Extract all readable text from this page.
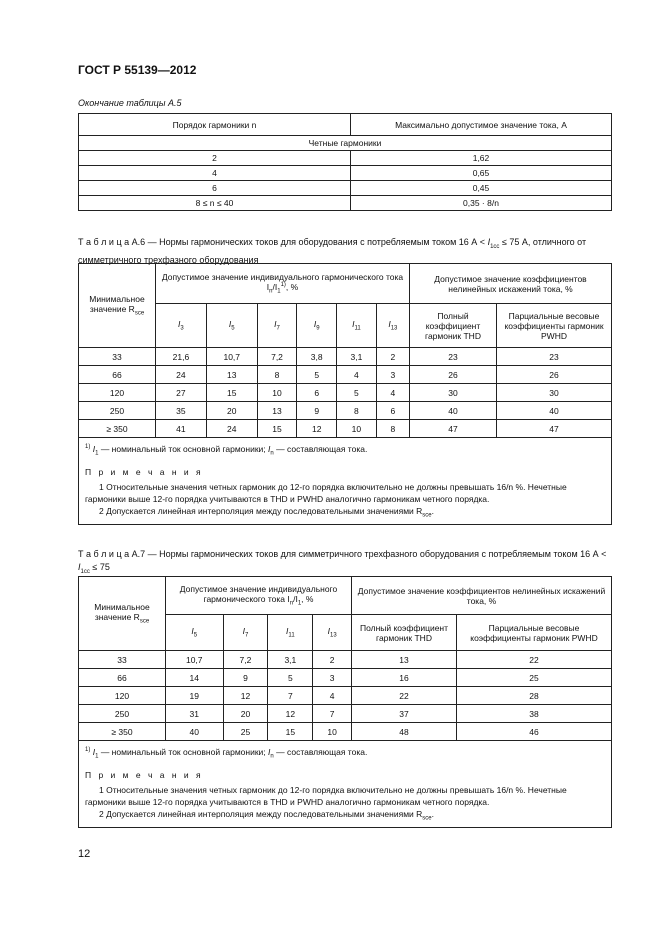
ГОСТ Р 55139—2012
Окончание таблицы А.5
Порядок гармоники n	Максимально допустимое значение тока, А
Четные гармоники	
2	1,62
4	0,65
6	0,45
8 ≤ n ≤ 40	0,35 · 8/n
Т а б л и ц а А.6 — Нормы гармонических токов для оборудования с потребляемым током 16 $А < I_{1cc} \le 75$ А, отличного от симметричного трехфазного оборудования
Минимальное значение $R_{sce}$	Допустимое значение индивидуального гармонического тока $I_n/I_1^{1)}$, %						Допустимое значение коэффициентов нелинейных искажений тока, %	
	$I_3$	$I_5$	$I_7$	$I_9$	$I_{11}$	$I_{13}$	Полный коэффициент гармоник THD	Парциальные весовые коэффициенты гармоник PWHD
33	21,6	10,7	7,2	3,8	3,1	2	23	23
66	24	13	8	5	4	3	26	26
120	27	15	10	6	5	4	30	30
250	35	20	13	9	8	6	40	40
≥ 350	41	24	15	12	10	8	47	47

$^{1)}$ $I_1$ — номинальный ток основной гармоники; $I_n$ — составляющая тока.
П р и м е ч а н и я
1 Относительные значения четных гармоник до 12-го порядка включительно не должны превышать 16/n %. Нечетные гармоники выше 12-го порядка учитываются в THD и PWHD аналогично гармоникам четного порядка.
2 Допускается линейная интерполяция между последовательными значениями $R_{sce}$.								
Т а б л и ц а А.7 — Нормы гармонических токов для симметричного трехфазного оборудования с потребляемым током 16 $А < I_{1cc} \le 75$
Минимальное значение $R_{sce}$	Допустимое значение индивидуального гармонического тока $I_n/I_1$, %				Допустимое значение коэффициентов нелинейных искажений тока, %	
	$I_5$	$I_7$	$I_{11}$	$I_{13}$	Полный коэффициент гармоник THD	Парциальные весовые коэффициенты гармоник PWHD
33	10,7	7,2	3,1	2	13	22
66	14	9	5	3	16	25
120	19	12	7	4	22	28
250	31	20	12	7	37	38
≥ 350	40	25	15	10	48	46

$^{1)}$ $I_1$ — номинальный ток основной гармоники; $I_n$ — составляющая тока.
П р и м е ч а н и я
1 Относительные значения четных гармоник до 12-го порядка включительно не должны превышать 16/n %. Нечетные гармоники выше 12-го порядка учитываются в THD и PWHD аналогично гармоникам четного порядка.
2 Допускается линейная интерполяция между последовательными значениями $R_{sce}$.						
12
